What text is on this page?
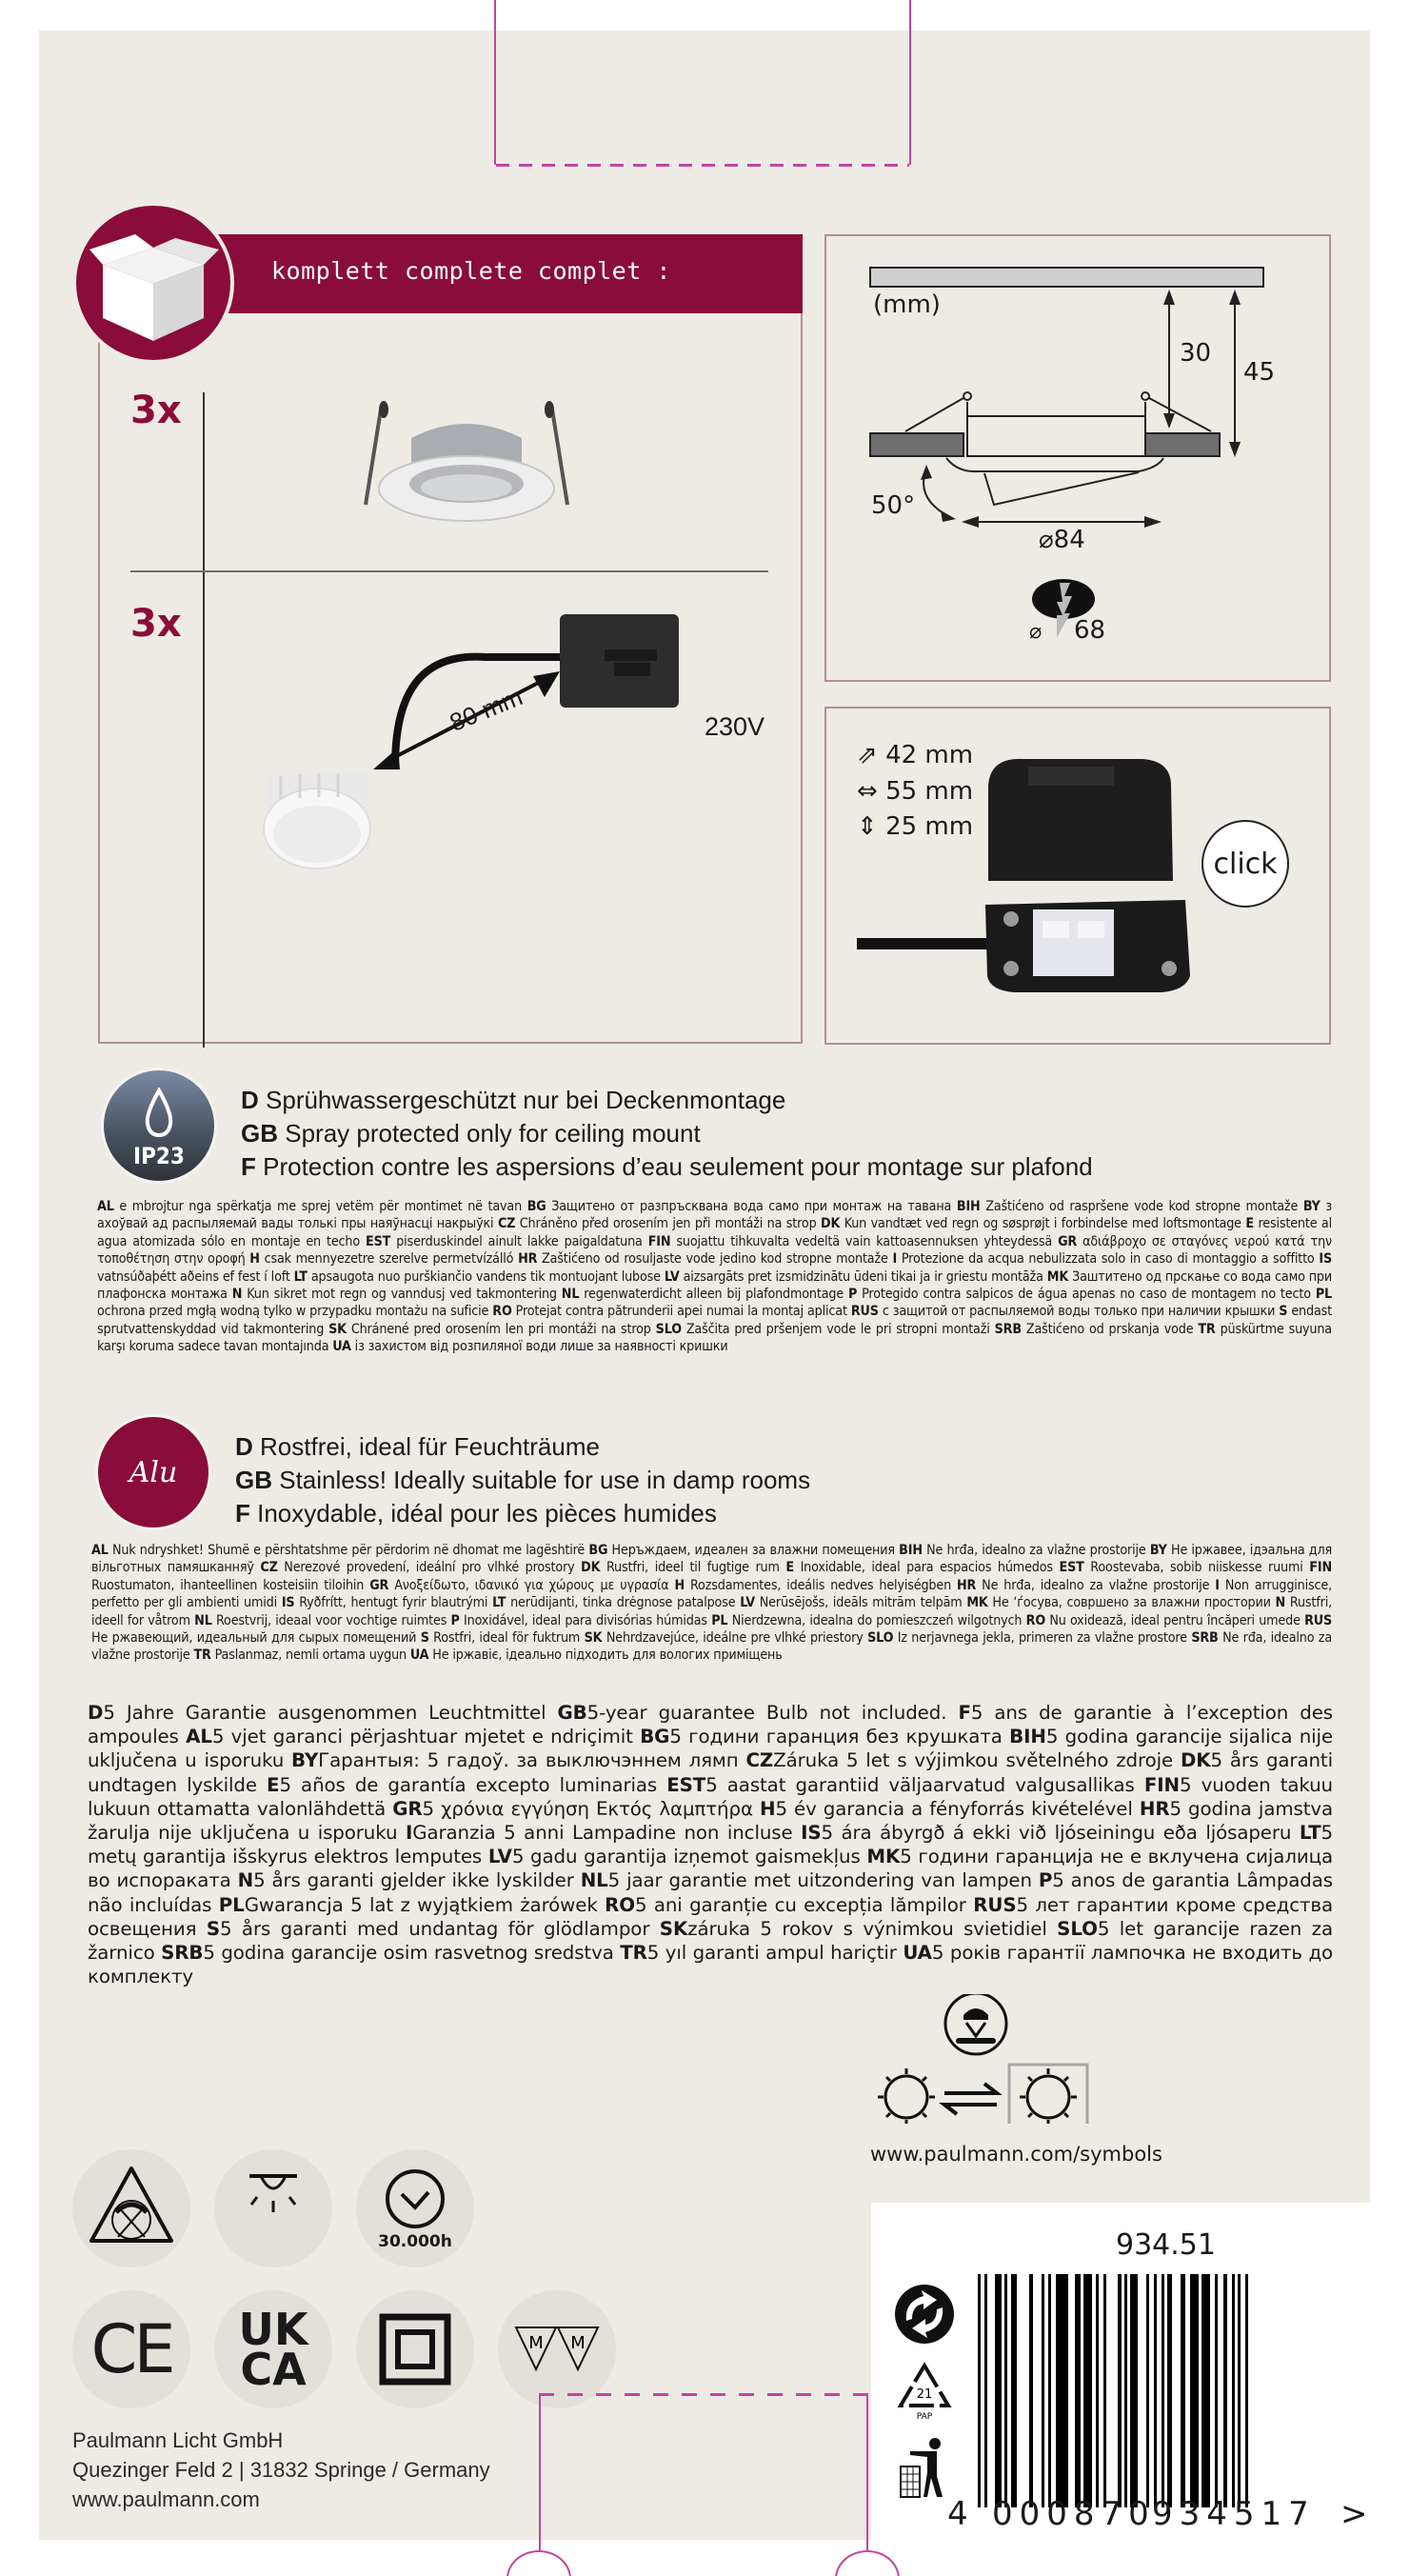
komplett complete complet :
3x
3x
80 mm	230V
(mm)
30
45
50°
⌀84
⌀ 68
⇗ 42 mm
⇔ 55 mm
⇕ 25 mm
click
IP23
D Sprühwassergeschützt nur bei Deckenmontage
GB Spray protected only for ceiling mount
F Protection contre les aspersions d’eau seulement pour montage sur plafond
AL e mbrojtur nga spërkatja me sprej vetëm për montimet në tavan BG Защитено от разпръсквана вода само при монтаж на тавана BIH Zaštićeno od raspršene vode kod stropne montaže BY з ахоўвай ад распыляемай вады толькі пры наяўнасці накрыўкі CZ Chráněno před orosením jen při montáži na strop DK Kun vandtæt ved regn og søsprøjt i forbindelse med loftsmontage E resistente al agua atomizada sólo en montaje en techo EST piserduskindel ainult lakke paigaldatuna FIN suojattu tihkuvalta vedeltä vain kattoasennuksen yhteydessä GR αδιάβροχο σε σταγόνες νερού κατά την τοποθέτηση στην οροφή H csak mennyezetre szerelve permetvízálló HR Zaštićeno od rosuljaste vode jedino kod stropne montaže I Protezione da acqua nebulizzata solo in caso di montaggio a soffitto IS vatnsúðaþétt aðeins ef fest í loft LT apsaugota nuo purškiančio vandens tik montuojant lubose LV aizsargāts pret izsmidzinātu ūdeni tikai ja ir griestu montāža MK Заштитено од прскање со вода само при плафонска монтажа N Kun sikret mot regn og vanndusj ved takmontering NL regenwaterdicht alleen bij plafondmontage P Protegido contra salpicos de água apenas no caso de montagem no tecto PL ochrona przed mgłą wodną tylko w przypadku montażu na suficie RO Protejat contra pătrunderii apei numai la montaj aplicat RUS с защитой от распыляемой воды только при наличии крышки S endast sprutvattenskyddad vid takmontering SK Chránené pred orosením len pri montáži na strop SLO Zaščita pred pršenjem vode le pri stropni montaži SRB Zaštićeno od prskanja vode TR püskürtme suyuna karşı koruma sadece tavan montajında UA із захистом від розпиляної води лише за наявності кришки
Alu
D Rostfrei, ideal für Feuchträume
GB Stainless! Ideally suitable for use in damp rooms
F Inoxydable, idéal pour les pièces humides
AL Nuk ndryshket! Shumë e përshtatshme për përdorim në dhomat me lagështirë BG Неръждаем, идеален за влажни помещения BIH Ne hrđa, idealno za vlažne prostorije BY Не іржавее, ідэальна для вільготных памяшканняў CZ Nerezové provedení, ideální pro vlhké prostory DK Rustfri, ideel til fugtige rum E Inoxidable, ideal para espacios húmedos EST Roostevaba, sobib niiskesse ruumi FIN Ruostumaton, ihanteellinen kosteisiin tiloihin GR Ανοξείδωτο, ιδανικό για χώρους με υγρασία H Rozsdamentes, ideális nedves helyiségben HR Ne hrđa, idealno za vlažne prostorije I Non arrugginisce, perfetto per gli ambienti umidi IS Ryðfrítt, hentugt fyrir blautrými LT nerūdijanti, tinka drėgnose patalpose LV Nerūsējošs, ideāls mitrām telpām MK Не ‘ѓосува, совршено за влажни простории N Rustfri, ideell for våtrom NL Roestvrij, ideaal voor vochtige ruimtes P Inoxidável, ideal para divisórias húmidas PL Nierdzewna, idealna do pomieszczeń wilgotnych RO Nu oxidează, ideal pentru încăperi umede RUS Не ржавеющий, идеальный для сырых помещений S Rostfri, ideal för fuktrum SK Nehrdzavejúce, ideálne pre vlhké priestory SLO Iz nerjavnega jekla, primeren za vlažne prostore SRB Ne rđa, idealno za vlažne prostorije TR Paslanmaz, nemli ortama uygun UA Не іржавіє, ідеально підходить для вологих приміщень
D5 Jahre Garantie ausgenommen Leuchtmittel GB5-year guarantee Bulb not included. F5 ans de garantie à l’exception des ampoules AL5 vjet garanci përjashtuar mjetet e ndriçimit BG5 години гаранция без крушката BIH5 godina garancije sijalica nije uključena u isporuku BYГарантыя: 5 гадоў. за выключэннем лямп CZZáruka 5 let s výjimkou světelného zdroje DK5 års garanti undtagen lyskilde E5 años de garantía excepto luminarias EST5 aastat garantiid väljaarvatud valgusallikas FIN5 vuoden takuu lukuun ottamatta valonlähdettä GR5 χρόνια εγγύηση Εκτός λαμπτήρα H5 év garancia a fényforrás kivételével HR5 godina jamstva žarulja nije uključena u isporuku IGaranzia 5 anni Lampadine non incluse IS5 ára ábyrgð á ekki við ljóseiningu eða ljósaperu LT5 metų garantija išskyrus elektros lemputes LV5 gadu garantija izņemot gaismekļus MK5 години гаранција не е вклучена сијалица во испораката N5 års garanti gjelder ikke lyskilder NL5 jaar garantie met uitzondering van lampen P5 anos de garantia Lâmpadas não incluídas PLGwarancja 5 lat z wyjątkiem żarówek RO5 ani garanție cu excepția lămpilor RUS5 лет гарантии кроме средства освещения S5 års garanti med undantag för glödlampor SKzáruka 5 rokov s výnimkou svietidiel SLO5 let garancije razen za žarnico SRB5 godina garancije osim rasvetnog sredstva TR5 yıl garanti ampul hariçtir UA5 років гарантії лампочка не входить до комплекту
www.paulmann.com/symbols
30.000h
CE UK
CA
M M
Paulmann Licht GmbH
Quezinger Feld 2 | 31832 Springe / Germany
www.paulmann.com
934.51
21
PAP
4 000870
934517 >
